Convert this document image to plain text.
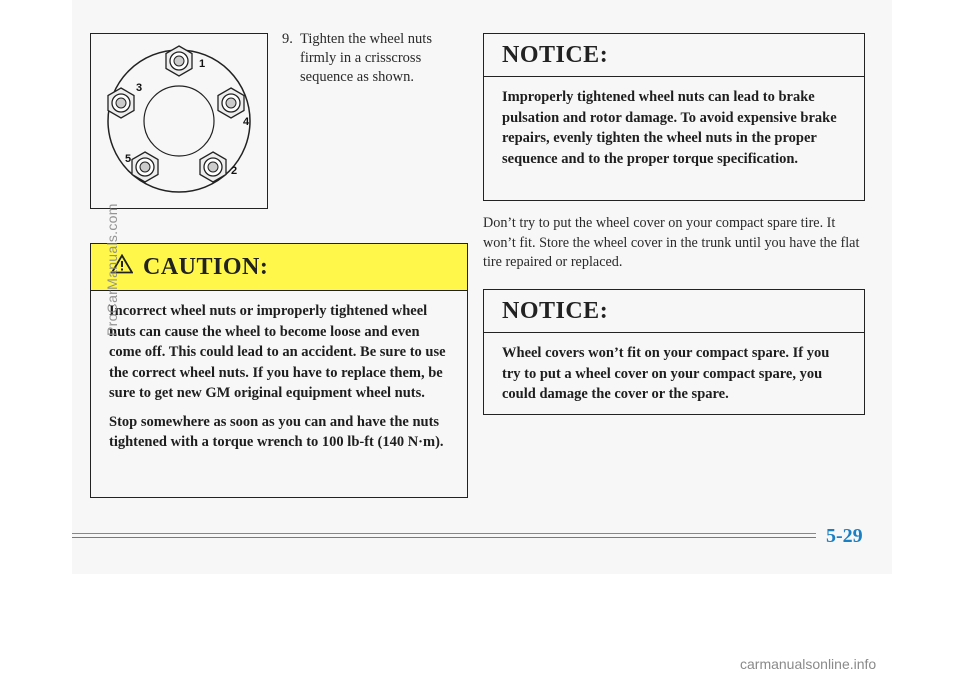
1
2
3
4
5
9. Tighten the wheel nuts firmly in a crisscross sequence as shown.
NOTICE:
Improperly tightened wheel nuts can lead to brake pulsation and rotor damage. To avoid expensive brake repairs, evenly tighten the wheel nuts in the proper sequence and to the proper torque specification.
Don’t try to put the wheel cover on your compact spare tire. It won’t fit. Store the wheel cover in the trunk until you have the flat tire repaired or replaced.
CAUTION:

Incorrect wheel nuts or improperly tightened wheel nuts can cause the wheel to become loose and even come off. This could lead to an accident. Be sure to use the correct wheel nuts. If you have to replace them, be sure to get new GM original equipment wheel nuts.

Stop somewhere as soon as you can and have the nuts tightened with a torque wrench to 100 lb-ft (140 N·m).

NOTICE:
Wheel covers won’t fit on your compact spare. If you try to put a wheel cover on your compact spare, you could damage the cover or the spare.
5-29
ProCarManuals.com
carmanualsonline.info
